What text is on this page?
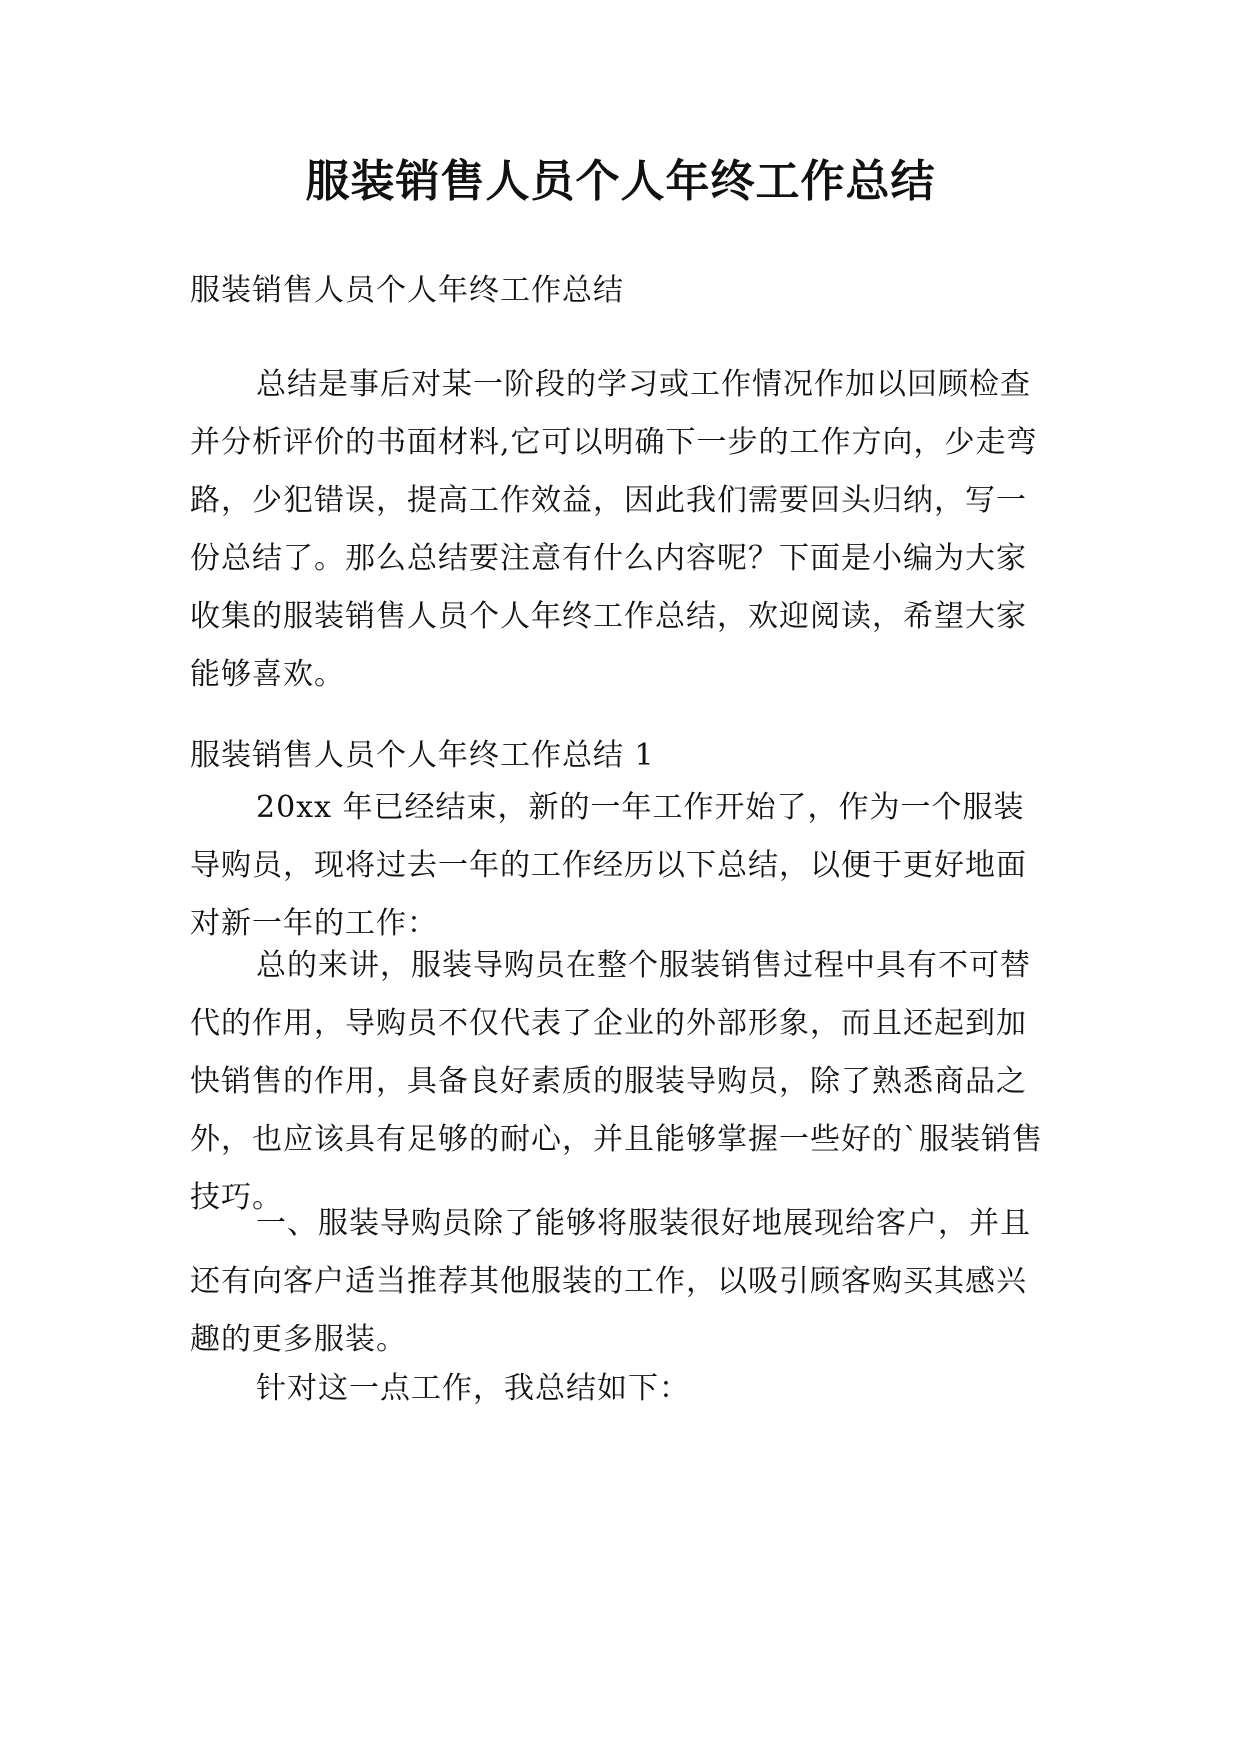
服装销售人员个人年终工作总结

服装销售人员个人年终工作总结

总结是事后对某一阶段的学习或工作情况作加以回顾检查并分析评价的书面材料,它可以明确下一步的工作方向，少走弯路，少犯错误，提高工作效益，因此我们需要回头归纳，写一份总结了。那么总结要注意有什么内容呢？下面是小编为大家收集的服装销售人员个人年终工作总结，欢迎阅读，希望大家能够喜欢。

服装销售人员个人年终工作总结 1

20xx 年已经结束，新的一年工作开始了，作为一个服装导购员，现将过去一年的工作经历以下总结，以便于更好地面对新一年的工作：

总的来讲，服装导购员在整个服装销售过程中具有不可替代的作用，导购员不仅代表了企业的外部形象，而且还起到加快销售的作用，具备良好素质的服装导购员，除了熟悉商品之外，也应该具有足够的耐心，并且能够掌握一些好的`服装销售技巧。

一、服装导购员除了能够将服装很好地展现给客户，并且还有向客户适当推荐其他服装的工作，以吸引顾客购买其感兴趣的更多服装。

针对这一点工作，我总结如下：
